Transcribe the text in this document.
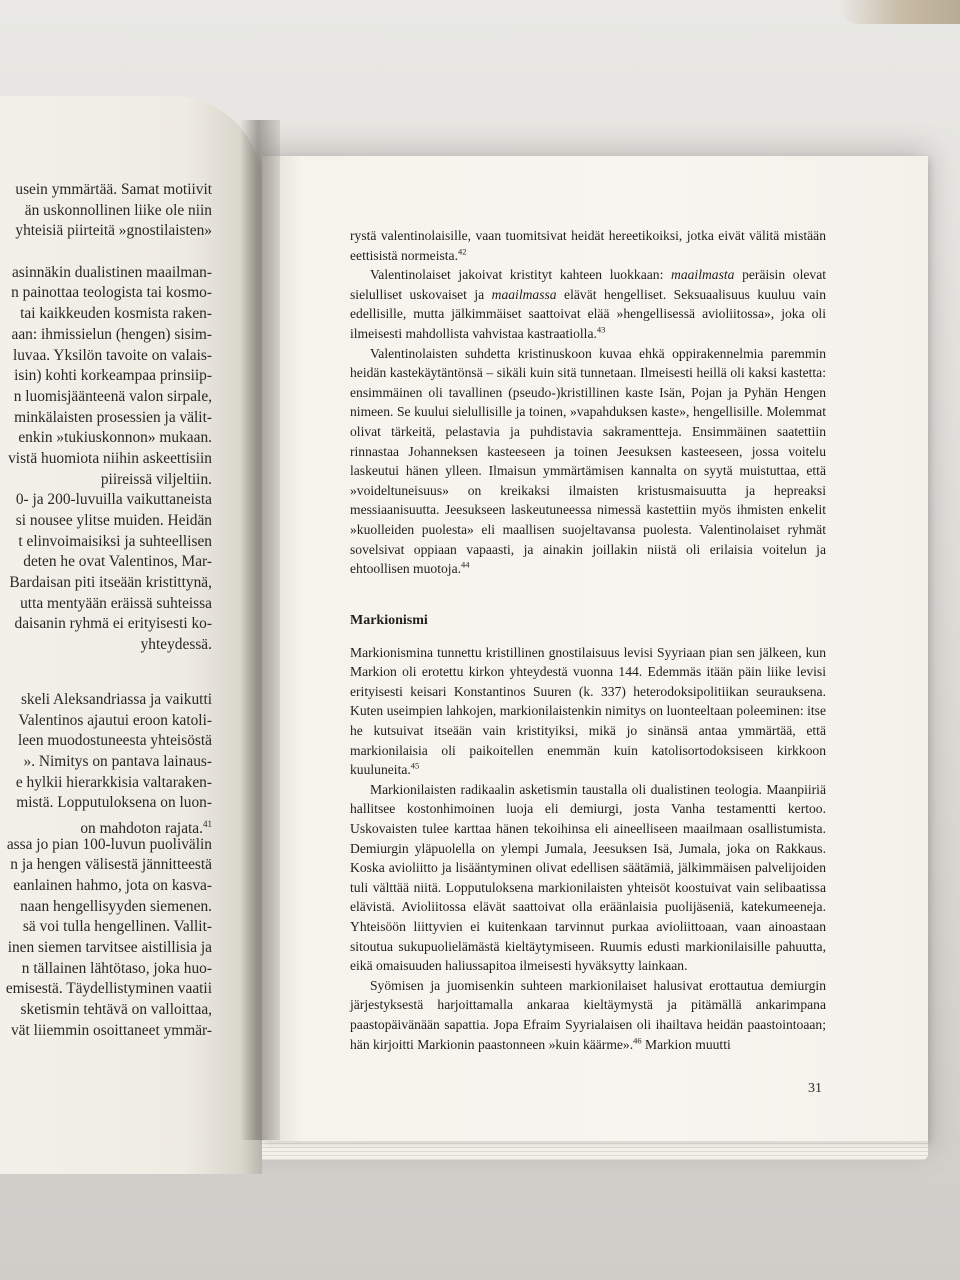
usein ymmärtää. Samat motiivit
än uskonnollinen liike ole niin
yhteisiä piirteitä »gnostilaisten»
asinnäkin dualistinen maailman-
n painottaa teologista tai kosmo-
tai kaikkeuden kosmista raken-
aan: ihmissielun (hengen) sisim-
luvaa. Yksilön tavoite on valais-
isin) kohti korkeampaa prinsiip-
n luomisjäänteenä valon sirpale,
minkälaisten prosessien ja välit-
enkin »tukiuskonnon» mukaan.
vistä huomiota niihin askeettisiin
piireissä viljeltiin.
0- ja 200-luvuilla vaikuttaneista
si nousee ylitse muiden. Heidän
t elinvoimaisiksi ja suhteellisen
deten he ovat Valentinos, Mar-
Bardaisan piti itseään kristittynä,
utta mentyään eräissä suhteissa
daisanin ryhmä ei erityisesti ko-
yhteydessä.
skeli Aleksandriassa ja vaikutti
Valentinos ajautui eroon katoli-
leen muodostuneesta yhteisöstä
». Nimitys on pantava lainaus-
e hylkii hierarkkisia valtaraken-
mistä. Lopputuloksena on luon-
on mahdoton rajata.$^{41}$
assa jo pian 100-luvun puolivälin
n ja hengen välisestä jännitteestä
eanlainen hahmo, jota on kasva-
naan hengellisyyden siemenen.
sä voi tulla hengellinen. Vallit-
inen siemen tarvitsee aistillisia ja
n tällainen lähtötaso, joka huo-
emisestä. Täydellistyminen vaatii
sketismin tehtävä on valloittaa,
vät liiemmin osoittaneet ymmär-

rystä valentinolaisille, vaan tuomitsivat heidät hereetikoiksi, jotka eivät välitä mistään eettisistä normeista.$^{42}$

Valentinolaiset jakoivat kristityt kahteen luokkaan: maailmasta peräisin olevat sielulliset uskovaiset ja maailmassa elävät hengelliset. Seksuaalisuus kuuluu vain edellisille, mutta jälkimmäiset saattoivat elää »hengellisessä avioliitossa», joka oli ilmeisesti mahdollista vahvistaa kastraatiolla.$^{43}$

Valentinolaisten suhdetta kristinuskoon kuvaa ehkä oppirakennelmia paremmin heidän kastekäytäntönsä – sikäli kuin sitä tunnetaan. Ilmeisesti heillä oli kaksi kastetta: ensimmäinen oli tavallinen (pseudo-)kristillinen kaste Isän, Pojan ja Pyhän Hengen nimeen. Se kuului sielullisille ja toinen, »vapahduksen kaste», hengellisille. Molemmat olivat tärkeitä, pelastavia ja puhdistavia sakramentteja. Ensimmäinen saatettiin rinnastaa Johanneksen kasteeseen ja toinen Jeesuksen kasteeseen, jossa voitelu laskeutui hänen ylleen. Ilmaisun ymmärtämisen kannalta on syytä muistuttaa, että »voideltuneisuus» on kreikaksi ilmaisten kristusmaisuutta ja hepreaksi messiaanisuutta. Jeesukseen laskeutuneessa nimessä kastettiin myös ihmisten enkelit »kuolleiden puolesta» eli maallisen suojeltavansa puolesta. Valentinolaiset ryhmät sovelsivat oppiaan vapaasti, ja ainakin joillakin niistä oli erilaisia voitelun ja ehtoollisen muotoja.$^{44}$

Markionismi

Markionismina tunnettu kristillinen gnostilaisuus levisi Syyriaan pian sen jälkeen, kun Markion oli erotettu kirkon yhteydestä vuonna 144. Edemmäs itään päin liike levisi erityisesti keisari Konstantinos Suuren (k. 337) heterodoksipolitiikan seurauksena. Kuten useimpien lahkojen, markionilaistenkin nimitys on luonteeltaan poleeminen: itse he kutsuivat itseään vain kristityiksi, mikä jo sinänsä antaa ymmärtää, että markionilaisia oli paikoitellen enemmän kuin katolisortodoksiseen kirkkoon kuuluneita.$^{45}$

Markionilaisten radikaalin asketismin taustalla oli dualistinen teologia. Maanpiiriä hallitsee kostonhimoinen luoja eli demiurgi, josta Vanha testamentti kertoo. Uskovaisten tulee karttaa hänen tekoihinsa eli aineelliseen maailmaan osallistumista. Demiurgin yläpuolella on ylempi Jumala, Jeesuksen Isä, Jumala, joka on Rakkaus. Koska avioliitto ja lisääntyminen olivat edellisen säätämiä, jälkimmäisen palvelijoiden tuli välttää niitä. Lopputuloksena markionilaisten yhteisöt koostuivat vain selibaatissa elävistä. Avioliitossa elävät saattoivat olla eräänlaisia puolijäseniä, katekumeeneja. Yhteisöön liittyvien ei kuitenkaan tarvinnut purkaa avioliittoaan, vaan ainoastaan sitoutua sukupuolielämästä kieltäytymiseen. Ruumis edusti markionilaisille pahuutta, eikä omaisuuden haliussapitoa ilmeisesti hyväksytty lainkaan.

Syömisen ja juomisenkin suhteen markionilaiset halusivat erottautua demiurgin järjestyksestä harjoittamalla ankaraa kieltäymystä ja pitämällä ankarimpana paastopäivänään sapattia. Jopa Efraim Syyrialaisen oli ihailtava heidän paastointoaan; hän kirjoitti Markionin paastonneen »kuin käärme».$^{46}$ Markion muutti

31
